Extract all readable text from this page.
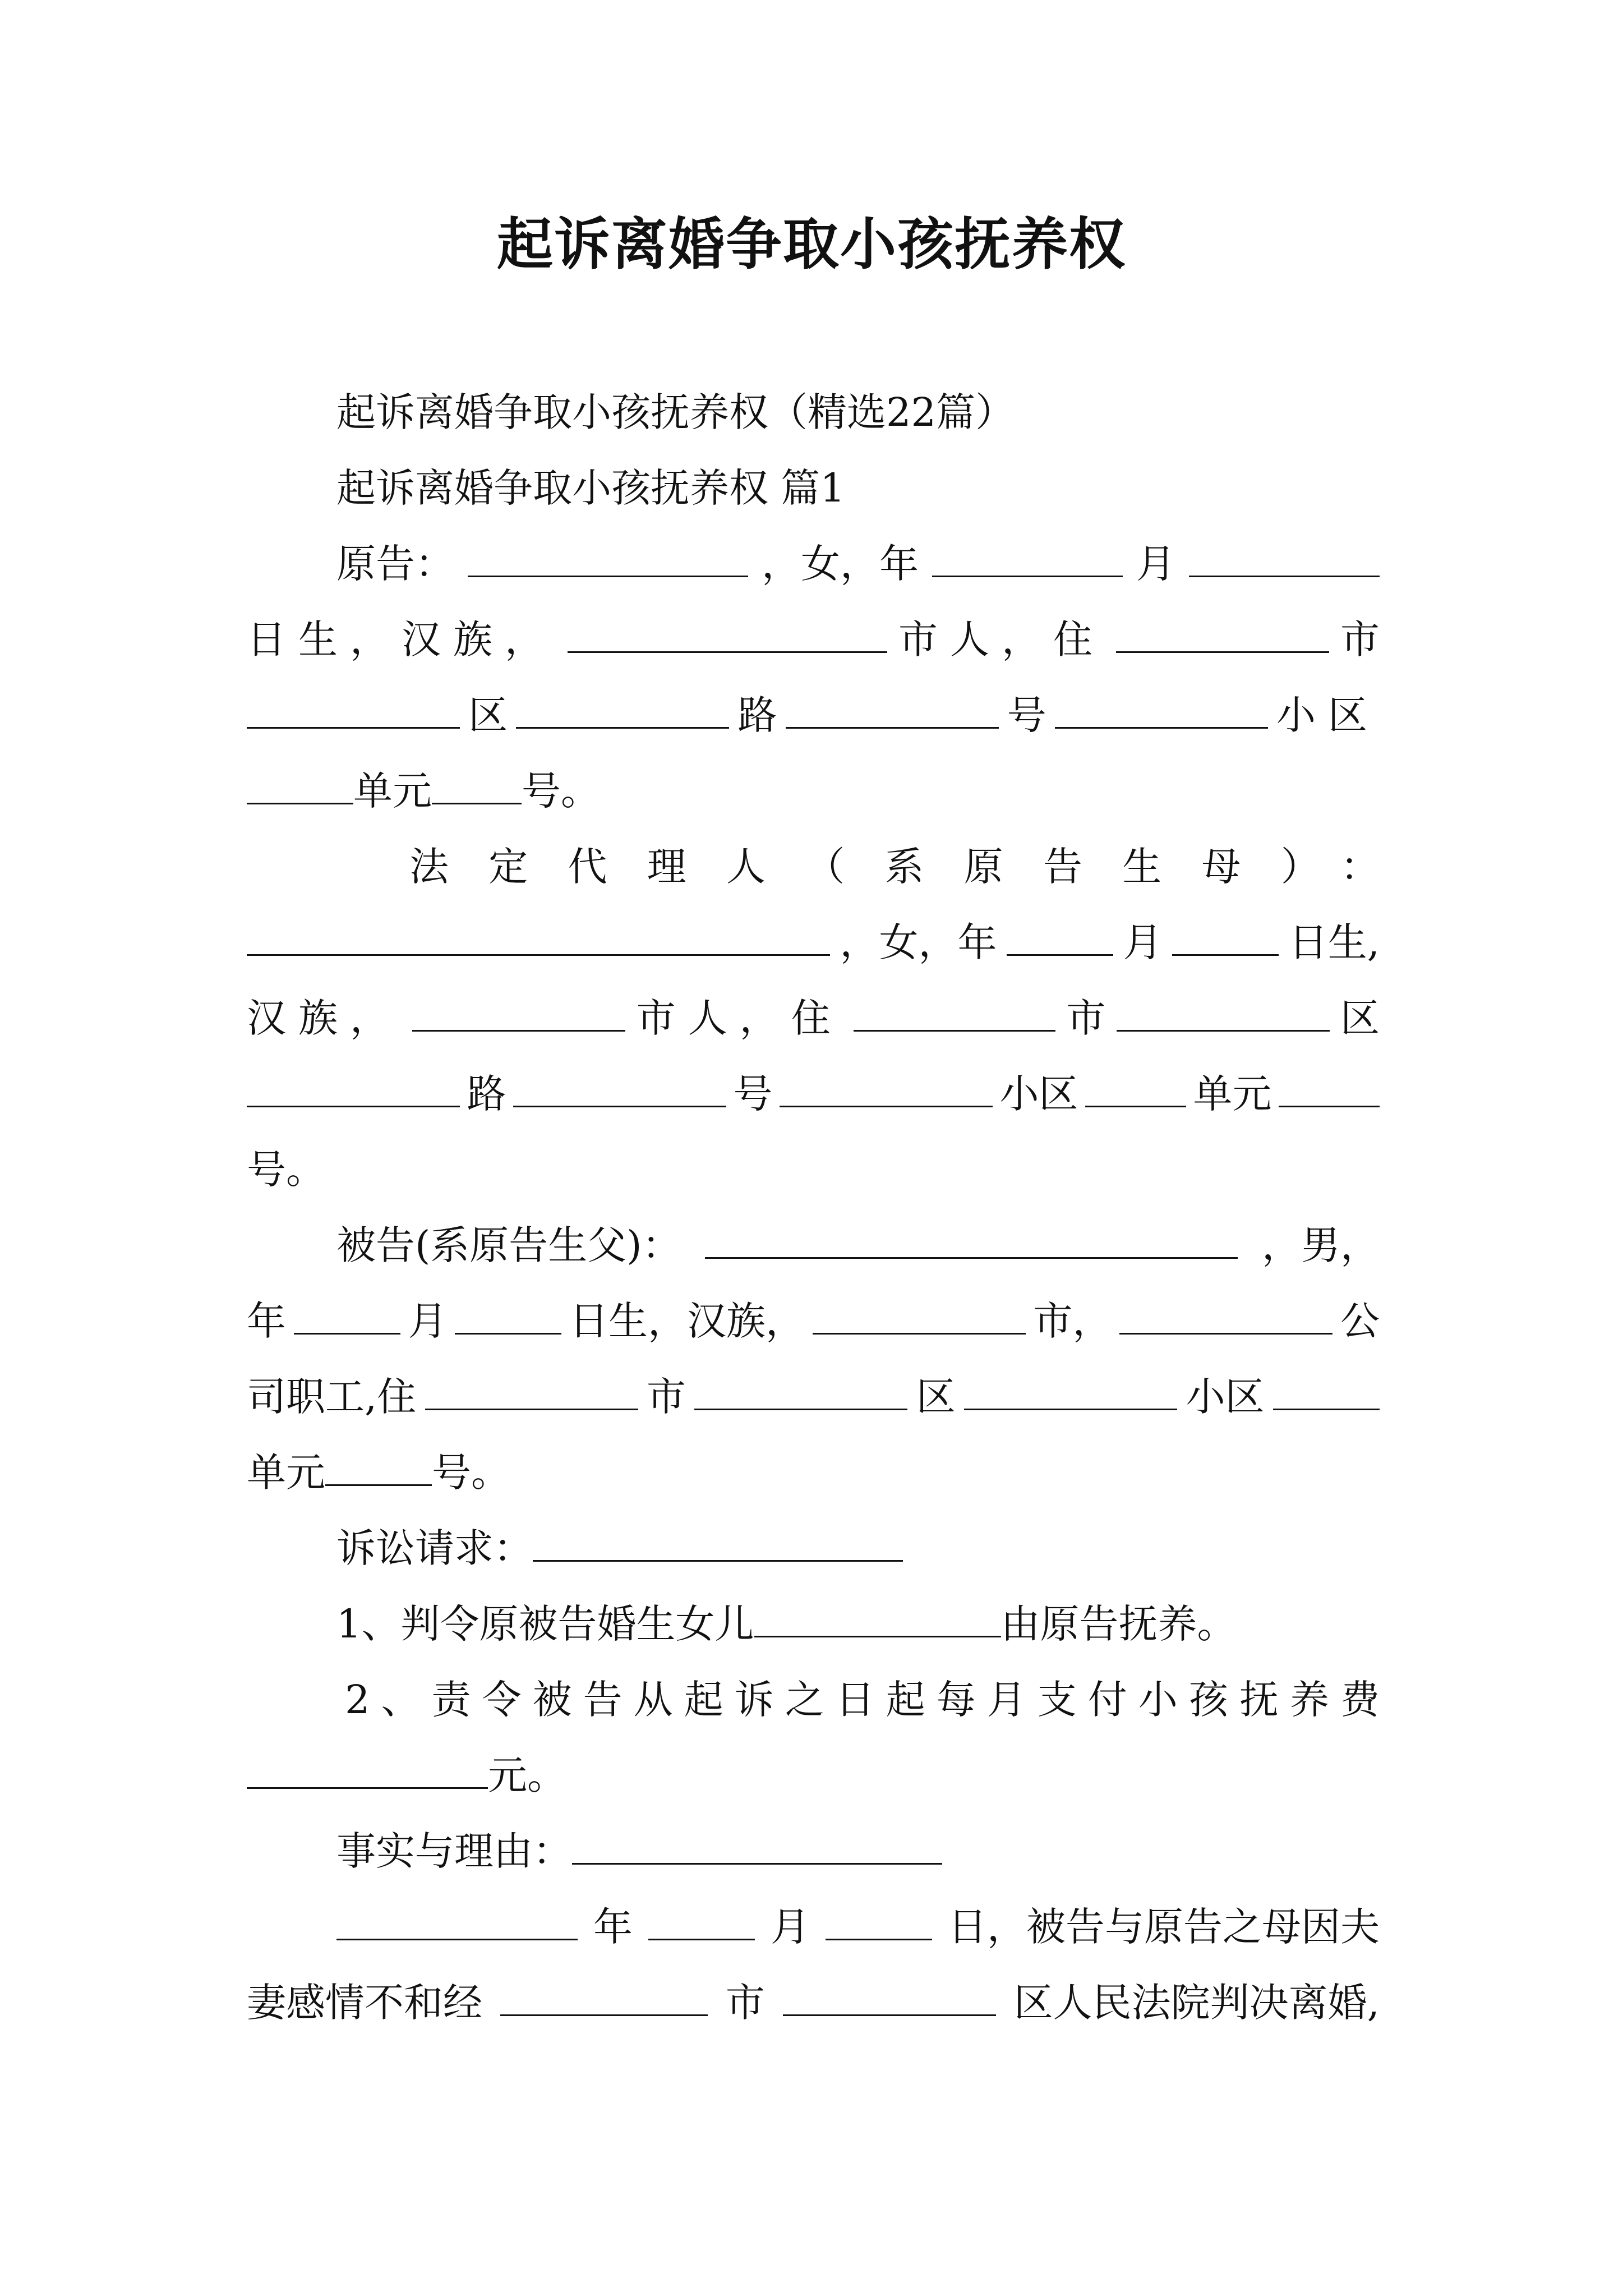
起诉离婚争取小孩抚养权
起诉离婚争取小孩抚养权（精选22篇）
起诉离婚争取小孩抚养权 篇1
原告：	，女，年	月
日生，汉族，	市人，住	市
区	路	号	小区
单元 号。
法定代理人（系原告生母）：
，女，年	月	日生,
汉族，	市人，住	市	区
路	号	小区	单元
号。
被告(系原告生父)：	，男，
年	月	日生，汉族，	市，	公
司职工,住	市	区	小区
单元	号。
诉讼请求：
1、判令原被告婚生女儿	由原告抚养。
2、责令被告从起诉之日起每月支付小孩抚养费
元。
事实与理由：
年	月	日，被告与原告之母因夫
妻感情不和经	市	区人民法院判决离婚,
